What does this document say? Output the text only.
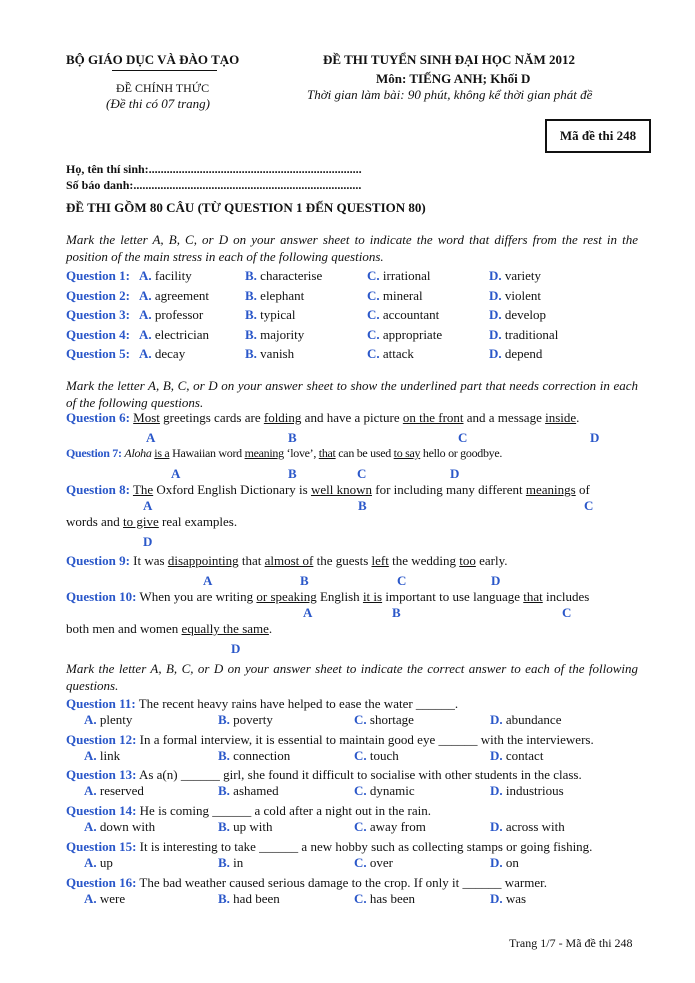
BỘ GIÁO DỤC VÀ ĐÀO TẠO
ĐỀ CHÍNH THỨC
(Đề thi có 07 trang)
ĐỀ THI TUYỂN SINH ĐẠI HỌC NĂM 2012
Môn: TIẾNG ANH; Khối D
Thời gian làm bài: 90 phút, không kể thời gian phát đề
Mã đề thi 248
Họ, tên thí sinh:.......................................................................
Số báo danh:............................................................................
ĐỀ THI GỒM 80 CÂU (TỪ QUESTION 1 ĐẾN QUESTION 80)
Mark the letter A, B, C, or D on your answer sheet to indicate the word that differs from the rest in the position of the main stress in each of the following questions.
Question 1: A. facility	B. characterise	C. irrational	D. variety
Question 2: A. agreement	B. elephant	C. mineral	D. violent
Question 3: A. professor	B. typical	C. accountant	D. develop
Question 4: A. electrician	B. majority	C. appropriate	D. traditional
Question 5: A. decay	B. vanish	C. attack	D. depend
Mark the letter A, B, C, or D on your answer sheet to show the underlined part that needs correction in each of the following questions.
Question 6: Most greetings cards are folding and have a picture on the front and a message inside.
A	B	C	D
Question 7: Aloha is a Hawaiian word meaning ‘love’, that can be used to say hello or goodbye.
A	B	C	D
Question 8: The Oxford English Dictionary is well known for including many different meanings of
A	B	C
words and to give real examples.
D
Question 9: It was disappointing that almost of the guests left the wedding too early.
A	B	C	D
Question 10: When you are writing or speaking English it is important to use language that includes
A	B	C
both men and women equally the same.
D
Mark the letter A, B, C, or D on your answer sheet to indicate the correct answer to each of the following questions.
Question 11: The recent heavy rains have helped to ease the water ______.
A. plenty	B. poverty	C. shortage	D. abundance
Question 12: In a formal interview, it is essential to maintain good eye ______ with the interviewers.
A. link	B. connection	C. touch	D. contact
Question 13: As a(n) ______ girl, she found it difficult to socialise with other students in the class.
A. reserved	B. ashamed	C. dynamic	D. industrious
Question 14: He is coming ______ a cold after a night out in the rain.
A. down with	B. up with	C. away from	D. across with
Question 15: It is interesting to take ______ a new hobby such as collecting stamps or going fishing.
A. up	B. in	C. over	D. on
Question 16: The bad weather caused serious damage to the crop. If only it ______ warmer.
A. were	B. had been	C. has been	D. was
Trang 1/7 - Mã đề thi 248
